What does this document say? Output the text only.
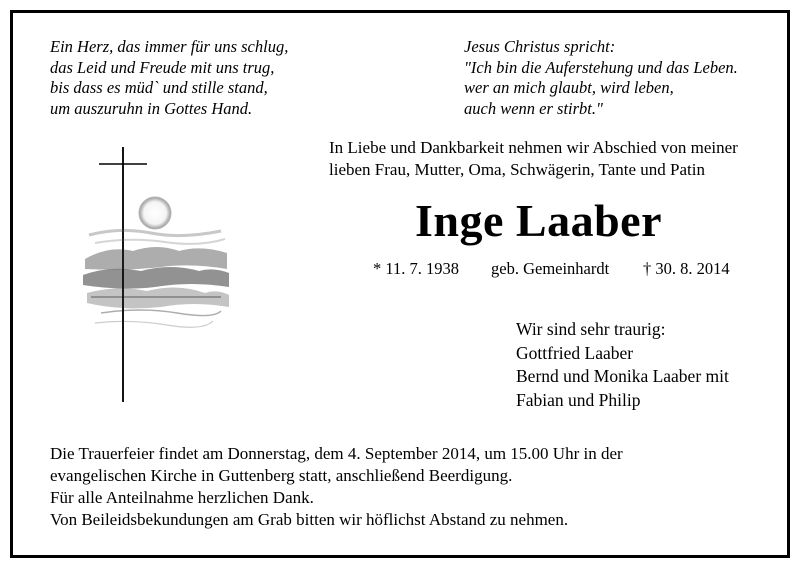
Ein Herz, das immer für uns schlug,
das Leid und Freude mit uns trug,
bis dass es müd` und stille stand,
um auszuruhn in Gottes Hand.
Jesus Christus spricht:
"Ich bin die Auferstehung und das Leben.
wer an mich glaubt, wird leben,
auch wenn er stirbt."
In Liebe und Dankbarkeit nehmen wir Abschied von meiner
lieben Frau, Mutter, Oma, Schwägerin, Tante und Patin
Inge Laaber
* 11. 7. 1938 geb. Gemeinhardt † 30. 8. 2014
Wir sind sehr traurig:
Gottfried Laaber
Bernd und Monika Laaber mit
Fabian und Philip
Die Trauerfeier findet am Donnerstag, dem 4. September 2014, um 15.00 Uhr in der
evangelischen Kirche in Guttenberg statt, anschließend Beerdigung.
Für alle Anteilnahme herzlichen Dank.
Von Beileidsbekundungen am Grab bitten wir höflichst Abstand zu nehmen.
